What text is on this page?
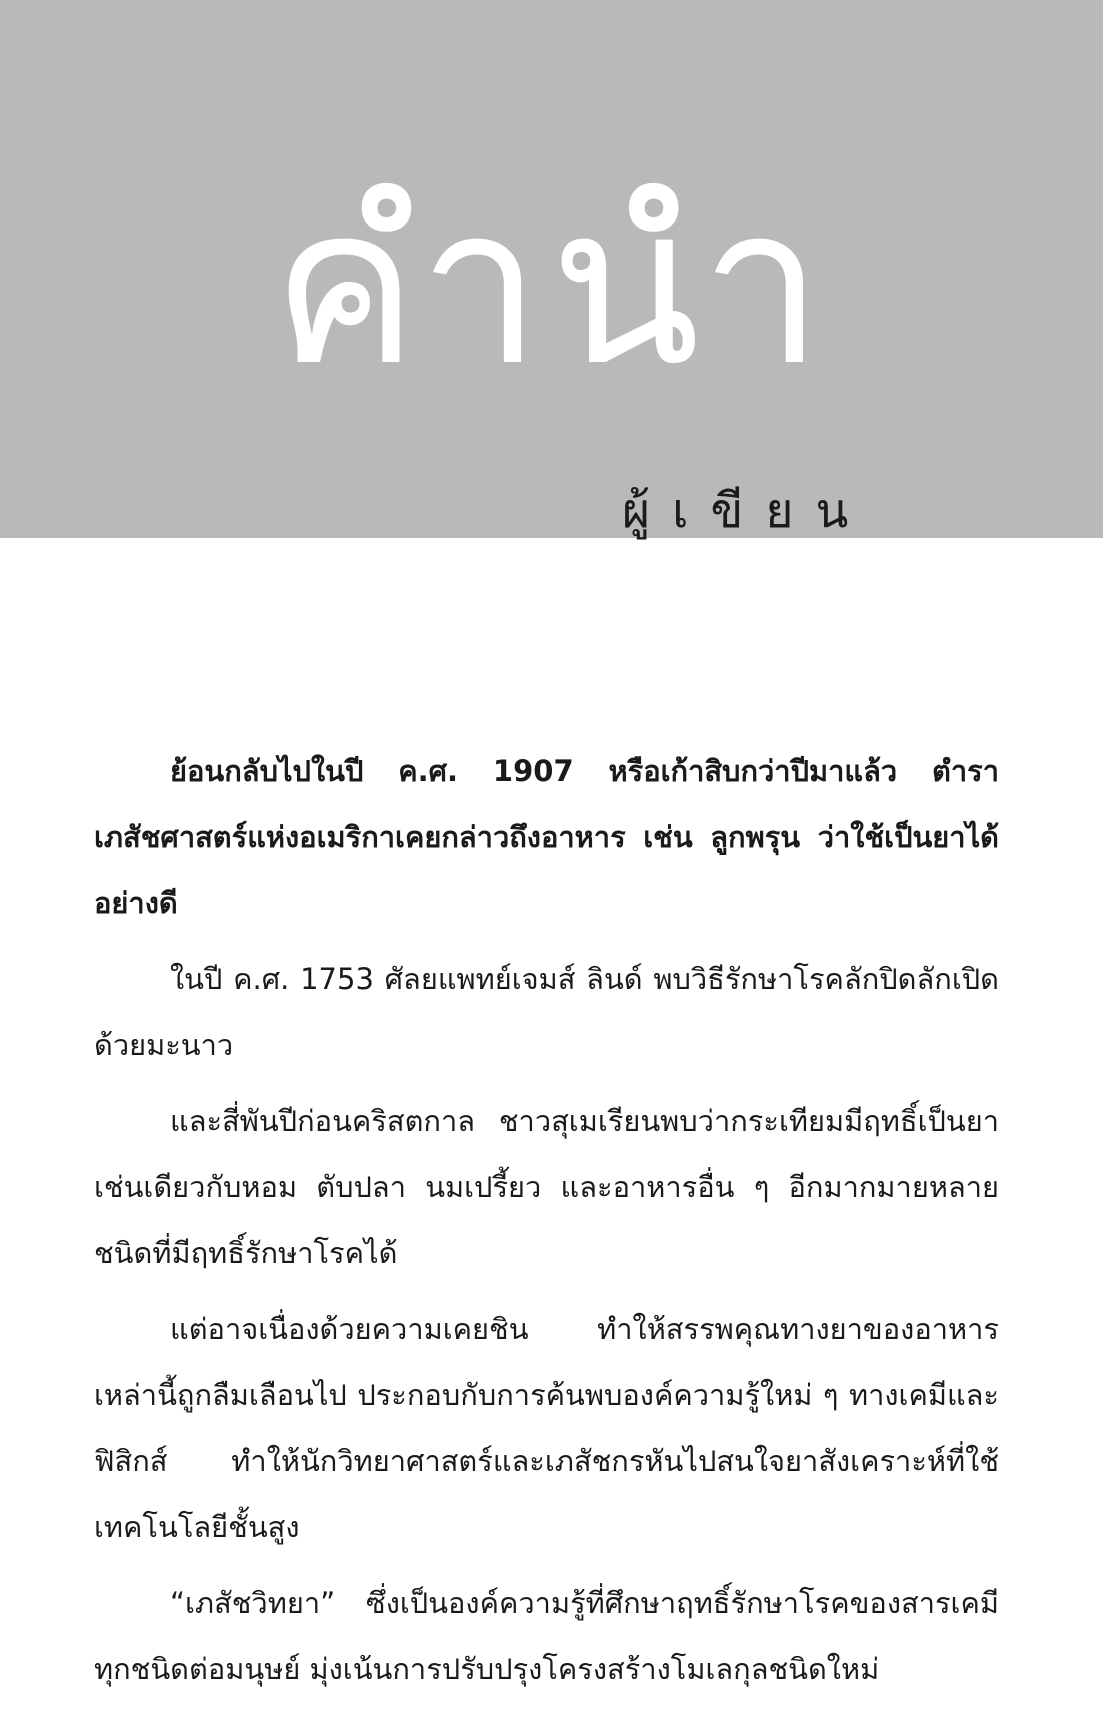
คำนำ
ผู้เขียน

ย้อนกลับไปในปี ค.ศ. 1907 หรือเก้าสิบกว่าปีมาแล้ว ตำราเภสัชศาสตร์แห่งอเมริกาเคยกล่าวถึงอาหาร เช่น ลูกพรุน ว่าใช้เป็นยาได้อย่างดี

ในปี ค.ศ. 1753 ศัลยแพทย์เจมส์ ลินด์ พบวิธีรักษาโรคลักปิดลักเปิดด้วยมะนาว

และสี่พันปีก่อนคริสตกาล ชาวสุเมเรียนพบว่ากระเทียมมีฤทธิ์เป็นยา เช่นเดียวกับหอม ตับปลา นมเปรี้ยว และอาหารอื่น ๆ อีกมากมายหลายชนิดที่มีฤทธิ์รักษาโรคได้

แต่อาจเนื่องด้วยความเคยชิน ทำให้สรรพคุณทางยาของอาหารเหล่านี้ถูกลืมเลือนไป ประกอบกับการค้นพบองค์ความรู้ใหม่ ๆ ทางเคมีและฟิสิกส์ ทำให้นักวิทยาศาสตร์และเภสัชกรหันไปสนใจยาสังเคราะห์ที่ใช้เทคโนโลยีชั้นสูง

“เภสัชวิทยา” ซึ่งเป็นองค์ความรู้ที่ศึกษาฤทธิ์รักษาโรคของสารเคมีทุกชนิดต่อมนุษย์ มุ่งเน้นการปรับปรุงโครงสร้างโมเลกุลชนิดใหม่
